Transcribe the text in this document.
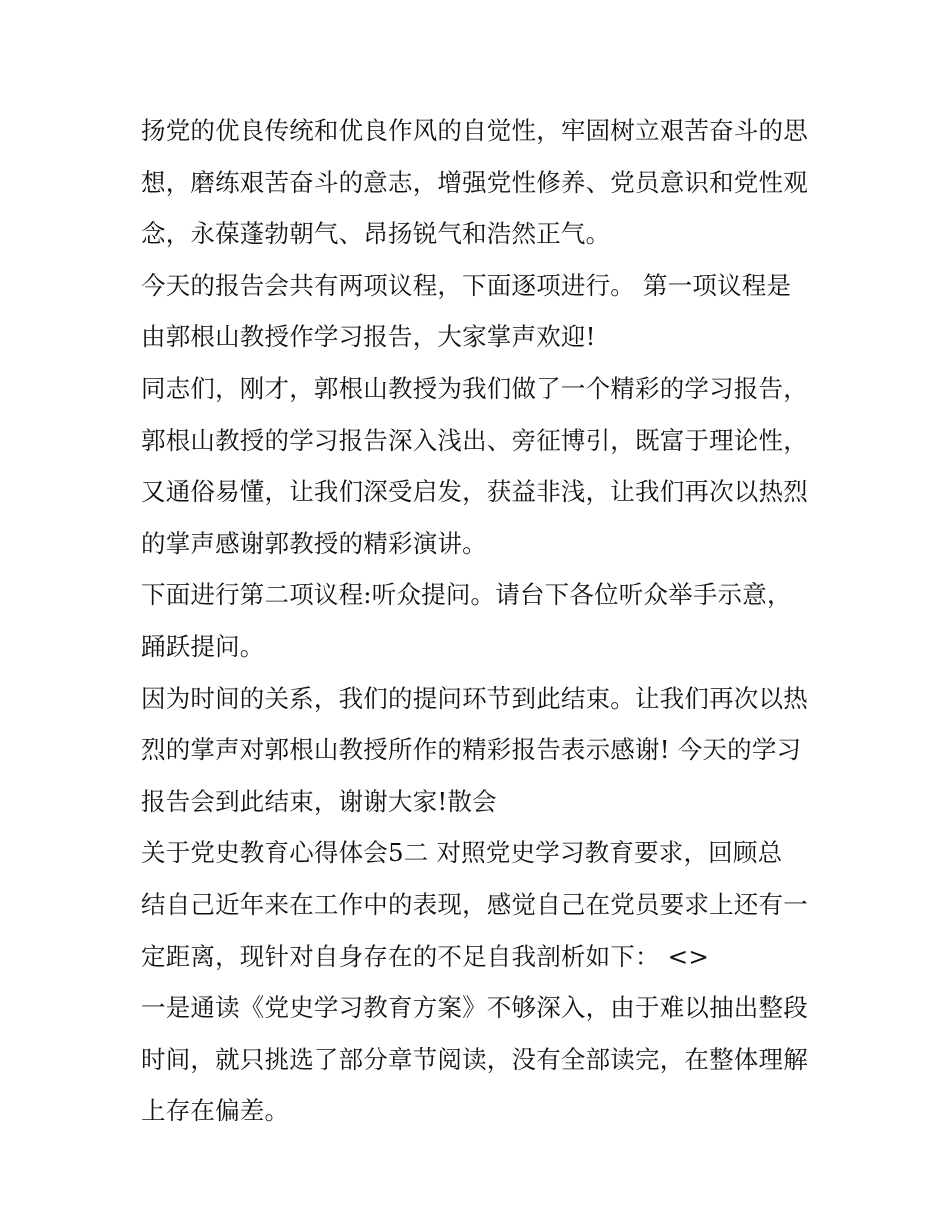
扬党的优良传统和优良作风的自觉性，牢固树立艰苦奋斗的思
想，磨练艰苦奋斗的意志，增强党性修养、党员意识和党性观
念，永葆蓬勃朝气、昂扬锐气和浩然正气。
今天的报告会共有两项议程，下面逐项进行。 第一项议程是
由郭根山教授作学习报告，大家掌声欢迎!
同志们，刚才，郭根山教授为我们做了一个精彩的学习报告，
郭根山教授的学习报告深入浅出、旁征博引，既富于理论性，
又通俗易懂，让我们深受启发，获益非浅，让我们再次以热烈
的掌声感谢郭教授的精彩演讲。
下面进行第二项议程:听众提问。请台下各位听众举手示意，
踊跃提问。
因为时间的关系，我们的提问环节到此结束。让我们再次以热
烈的掌声对郭根山教授所作的精彩报告表示感谢! 今天的学习
报告会到此结束，谢谢大家!散会
关于党史教育心得体会5二 对照党史学习教育要求，回顾总
结自己近年来在工作中的表现，感觉自己在党员要求上还有一
定距离，现针对自身存在的不足自我剖析如下： <>
一是通读《党史学习教育方案》不够深入，由于难以抽出整段
时间，就只挑选了部分章节阅读，没有全部读完，在整体理解
上存在偏差。
